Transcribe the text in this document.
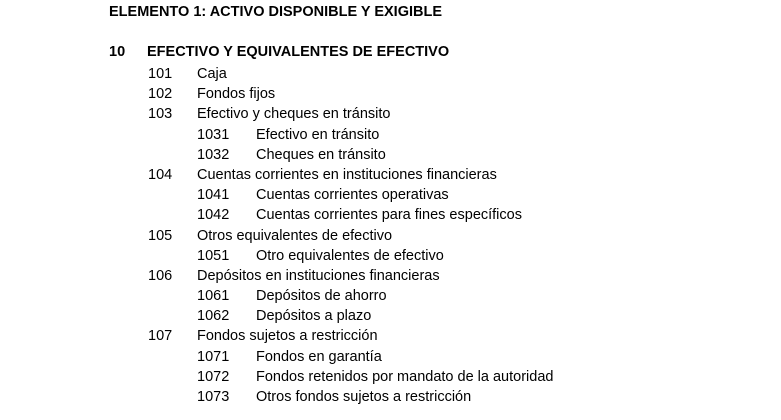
ELEMENTO 1: ACTIVO DISPONIBLE Y EXIGIBLE
10 EFECTIVO Y EQUIVALENTES DE EFECTIVO
101 Caja
102 Fondos fijos
103 Efectivo y cheques en tránsito
1031 Efectivo en tránsito
1032 Cheques en tránsito
104 Cuentas corrientes en instituciones financieras
1041 Cuentas corrientes operativas
1042 Cuentas corrientes para fines específicos
105 Otros equivalentes de efectivo
1051 Otro equivalentes de efectivo
106 Depósitos en instituciones financieras
1061 Depósitos de ahorro
1062 Depósitos a plazo
107 Fondos sujetos a restricción
1071 Fondos en garantía
1072 Fondos retenidos por mandato de la autoridad
1073 Otros fondos sujetos a restricción
